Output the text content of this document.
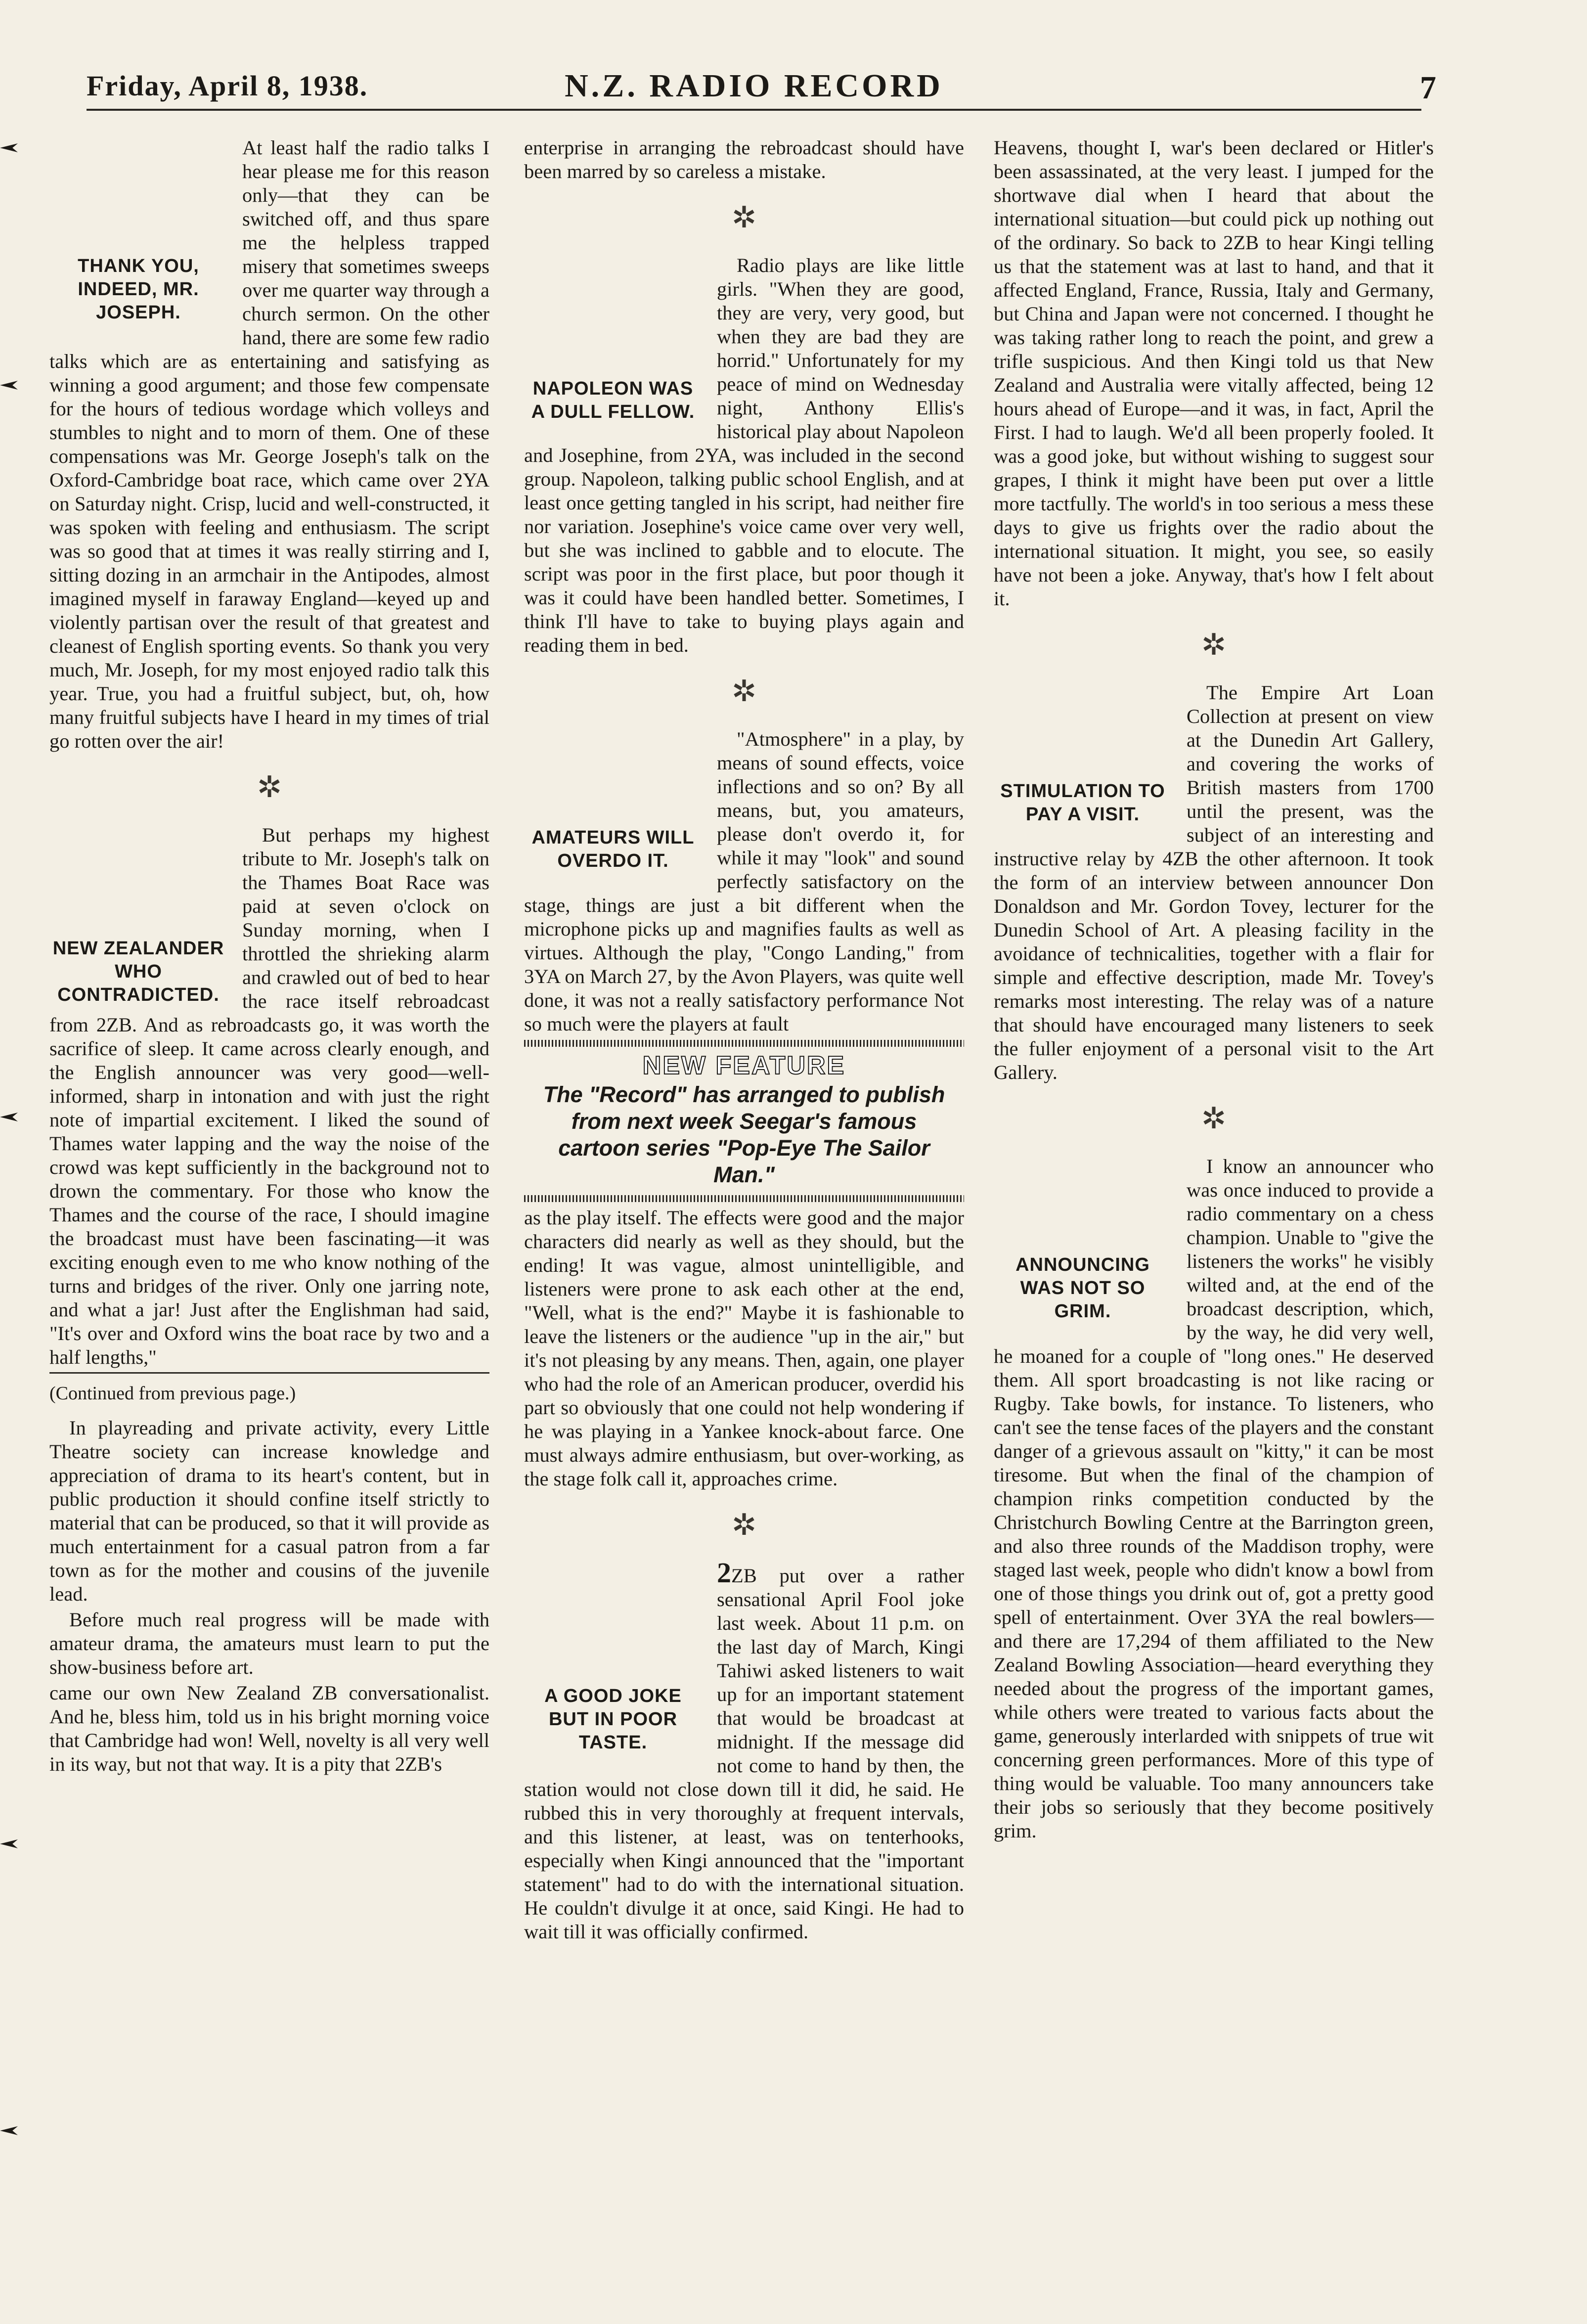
Friday, April 8, 1938.	N.Z. RADIO RECORD	7
THANK YOU, INDEED, MR. JOSEPH.

At least half the radio talks I hear please me for this reason only—that they can be switched off, and thus spare me the helpless trapped misery that sometimes sweeps over me quarter way through a church sermon. On the other hand, there are some few radio talks which are as entertaining and satisfying as winning a good argument; and those few compensate for the hours of tedious wordage which volleys and stumbles to night and to morn of them. One of these compensations was Mr. George Joseph's talk on the Oxford-Cambridge boat race, which came over 2YA on Saturday night. Crisp, lucid and well-constructed, it was spoken with feeling and enthusiasm. The script was so good that at times it was really stirring and I, sitting dozing in an armchair in the Antipodes, almost imagined myself in faraway England—keyed up and violently partisan over the result of that greatest and cleanest of English sporting events. So thank you very much, Mr. Joseph, for my most enjoyed radio talk this year. True, you had a fruitful subject, but, oh, how many fruitful subjects have I heard in my times of trial go rotten over the air!

✲
NEW ZEALANDER WHO CONTRADICTED.

But perhaps my highest tribute to Mr. Joseph's talk on the Thames Boat Race was paid at seven o'clock on Sunday morning, when I throttled the shrieking alarm and crawled out of bed to hear the race itself rebroadcast from 2ZB. And as rebroadcasts go, it was worth the sacrifice of sleep. It came across clearly enough, and the English announcer was very good—well-informed, sharp in intonation and with just the right note of impartial excitement. I liked the sound of Thames water lapping and the way the noise of the crowd was kept sufficiently in the background not to drown the commentary. For those who know the Thames and the course of the race, I should imagine the broadcast must have been fascinating—it was exciting enough even to me who know nothing of the turns and bridges of the river. Only one jarring note, and what a jar! Just after the Englishman had said, "It's over and Oxford wins the boat race by two and a half lengths,"

(Continued from previous page.)

In playreading and private activity, every Little Theatre society can increase knowledge and appreciation of drama to its heart's content, but in public production it should confine itself strictly to material that can be produced, so that it will provide as much entertainment for a casual patron from a far town as for the mother and cousins of the juvenile lead.

Before much real progress will be made with amateur drama, the amateurs must learn to put the show-business before art.

came our own New Zealand ZB conversationalist. And he, bless him, told us in his bright morning voice that Cambridge had won! Well, novelty is all very well in its way, but not that way. It is a pity that 2ZB's

enterprise in arranging the rebroadcast should have been marred by so careless a mistake.

✲
NAPOLEON WAS A DULL FELLOW.

Radio plays are like little girls. "When they are good, they are very, very good, but when they are bad they are horrid." Unfortunately for my peace of mind on Wednesday night, Anthony Ellis's historical play about Napoleon and Josephine, from 2YA, was included in the second group. Napoleon, talking public school English, and at least once getting tangled in his script, had neither fire nor variation. Josephine's voice came over very well, but she was inclined to gabble and to elocute. The script was poor in the first place, but poor though it was it could have been handled better. Sometimes, I think I'll have to take to buying plays again and reading them in bed.

✲
AMATEURS WILL OVERDO IT.

"Atmosphere" in a play, by means of sound effects, voice inflections and so on? By all means, but, you amateurs, please don't overdo it, for while it may "look" and sound perfectly satisfactory on the stage, things are just a bit different when the microphone picks up and magnifies faults as well as virtues. Although the play, "Congo Landing," from 3YA on March 27, by the Avon Players, was quite well done, it was not a really satisfactory performance Not so much were the players at fault

NEW FEATURE
The "Record" has arranged to publish from next week Seegar's famous cartoon series "Pop-Eye The Sailor Man."

as the play itself. The effects were good and the major characters did nearly as well as they should, but the ending! It was vague, almost unintelligible, and listeners were prone to ask each other at the end, "Well, what is the end?" Maybe it is fashionable to leave the listeners or the audience "up in the air," but it's not pleasing by any means. Then, again, one player who had the role of an American producer, overdid his part so obviously that one could not help wondering if he was playing in a Yankee knock-about farce. One must always admire enthusiasm, but over-working, as the stage folk call it, approaches crime.

✲
A GOOD JOKE BUT IN POOR TASTE.

2ZB put over a rather sensational April Fool joke last week. About 11 p.m. on the last day of March, Kingi Tahiwi asked listeners to wait up for an important statement that would be broadcast at midnight. If the message did not come to hand by then, the station would not close down till it did, he said. He rubbed this in very thoroughly at frequent intervals, and this listener, at least, was on tenterhooks, especially when Kingi announced that the "important statement" had to do with the international situation. He couldn't divulge it at once, said Kingi. He had to wait till it was officially confirmed.

Heavens, thought I, war's been declared or Hitler's been assassinated, at the very least. I jumped for the shortwave dial when I heard that about the international situation—but could pick up nothing out of the ordinary. So back to 2ZB to hear Kingi telling us that the statement was at last to hand, and that it affected England, France, Russia, Italy and Germany, but China and Japan were not concerned. I thought he was taking rather long to reach the point, and grew a trifle suspicious. And then Kingi told us that New Zealand and Australia were vitally affected, being 12 hours ahead of Europe—and it was, in fact, April the First. I had to laugh. We'd all been properly fooled. It was a good joke, but without wishing to suggest sour grapes, I think it might have been put over a little more tactfully. The world's in too serious a mess these days to give us frights over the radio about the international situation. It might, you see, so easily have not been a joke. Anyway, that's how I felt about it.

✲
STIMULATION TO PAY A VISIT.

The Empire Art Loan Collection at present on view at the Dunedin Art Gallery, and covering the works of British masters from 1700 until the present, was the subject of an interesting and instructive relay by 4ZB the other afternoon. It took the form of an interview between announcer Don Donaldson and Mr. Gordon Tovey, lecturer for the Dunedin School of Art. A pleasing facility in the avoidance of technicalities, together with a flair for simple and effective description, made Mr. Tovey's remarks most interesting. The relay was of a nature that should have encouraged many listeners to seek the fuller enjoyment of a personal visit to the Art Gallery.

✲
ANNOUNCING WAS NOT SO GRIM.

I know an announcer who was once induced to provide a radio commentary on a chess champion. Unable to "give the listeners the works" he visibly wilted and, at the end of the broadcast description, which, by the way, he did very well, he moaned for a couple of "long ones." He deserved them. All sport broadcasting is not like racing or Rugby. Take bowls, for instance. To listeners, who can't see the tense faces of the players and the constant danger of a grievous assault on "kitty," it can be most tiresome. But when the final of the champion of champion rinks competition conducted by the Christchurch Bowling Centre at the Barrington green, and also three rounds of the Maddison trophy, were staged last week, people who didn't know a bowl from one of those things you drink out of, got a pretty good spell of entertainment. Over 3YA the real bowlers—and there are 17,294 of them affiliated to the New Zealand Bowling Association—heard everything they needed about the progress of the important games, while others were treated to various facts about the game, generously interlarded with snippets of true wit concerning green performances. More of this type of thing would be valuable. Too many announcers take their jobs so seriously that they become positively grim.
